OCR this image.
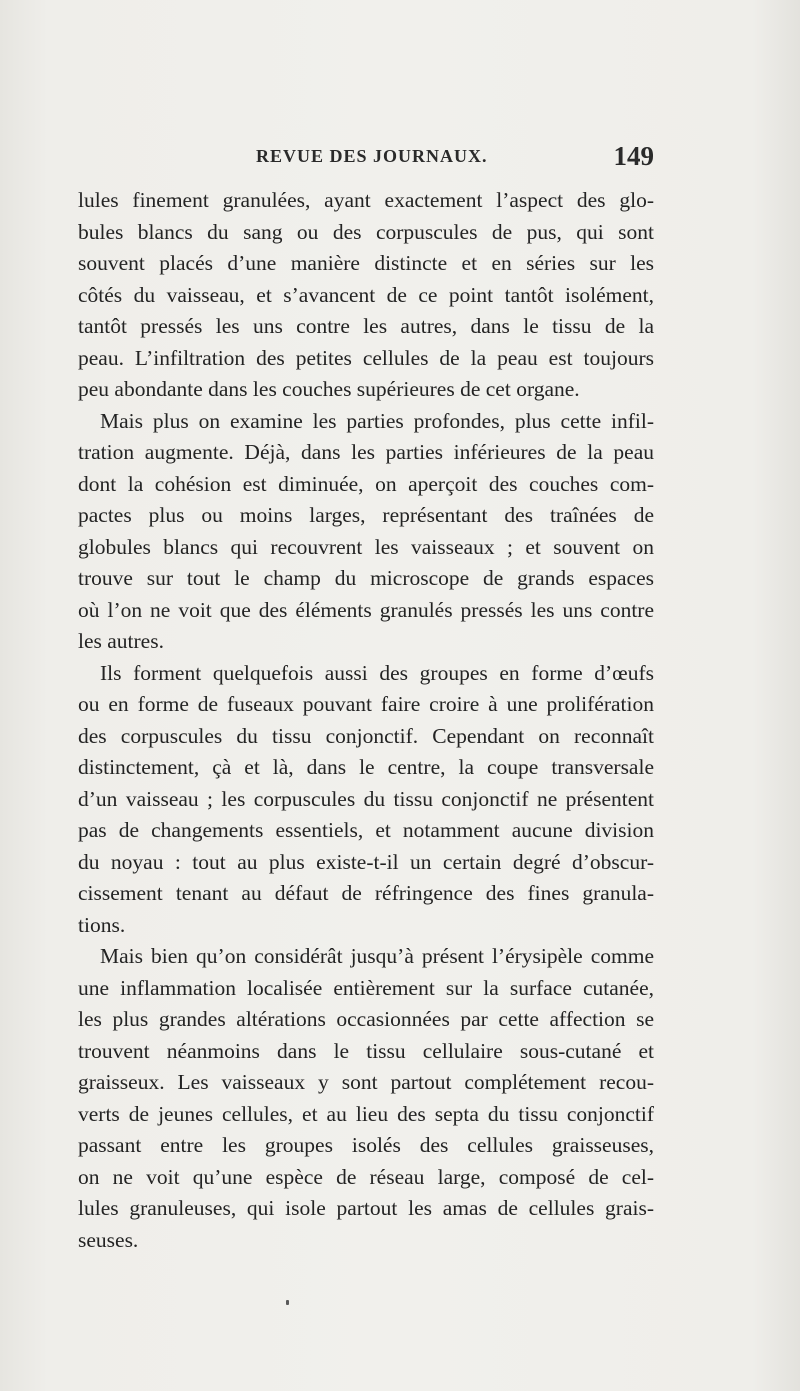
REVUE DES JOURNAUX.	149
lules finement granulées, ayant exactement l’aspect des glo-
bules blancs du sang ou des corpuscules de pus, qui sont
souvent placés d’une manière distincte et en séries sur les
côtés du vaisseau, et s’avancent de ce point tantôt isolément,
tantôt pressés les uns contre les autres, dans le tissu de la
peau. L’infiltration des petites cellules de la peau est toujours
peu abondante dans les couches supérieures de cet organe.
Mais plus on examine les parties profondes, plus cette infil-
tration augmente. Déjà, dans les parties inférieures de la peau
dont la cohésion est diminuée, on aperçoit des couches com-
pactes plus ou moins larges, représentant des traînées de
globules blancs qui recouvrent les vaisseaux ; et souvent on
trouve sur tout le champ du microscope de grands espaces
où l’on ne voit que des éléments granulés pressés les uns contre
les autres.
Ils forment quelquefois aussi des groupes en forme d’œufs
ou en forme de fuseaux pouvant faire croire à une prolifération
des corpuscules du tissu conjonctif. Cependant on reconnaît
distinctement, çà et là, dans le centre, la coupe transversale
d’un vaisseau ; les corpuscules du tissu conjonctif ne présentent
pas de changements essentiels, et notamment aucune division
du noyau : tout au plus existe-t-il un certain degré d’obscur-
cissement tenant au défaut de réfringence des fines granula-
tions.
Mais bien qu’on considérât jusqu’à présent l’érysipèle comme
une inflammation localisée entièrement sur la surface cutanée,
les plus grandes altérations occasionnées par cette affection se
trouvent néanmoins dans le tissu cellulaire sous-cutané et
graisseux. Les vaisseaux y sont partout complétement recou-
verts de jeunes cellules, et au lieu des septa du tissu conjonctif
passant entre les groupes isolés des cellules graisseuses,
on ne voit qu’une espèce de réseau large, composé de cel-
lules granuleuses, qui isole partout les amas de cellules grais-
seuses.
